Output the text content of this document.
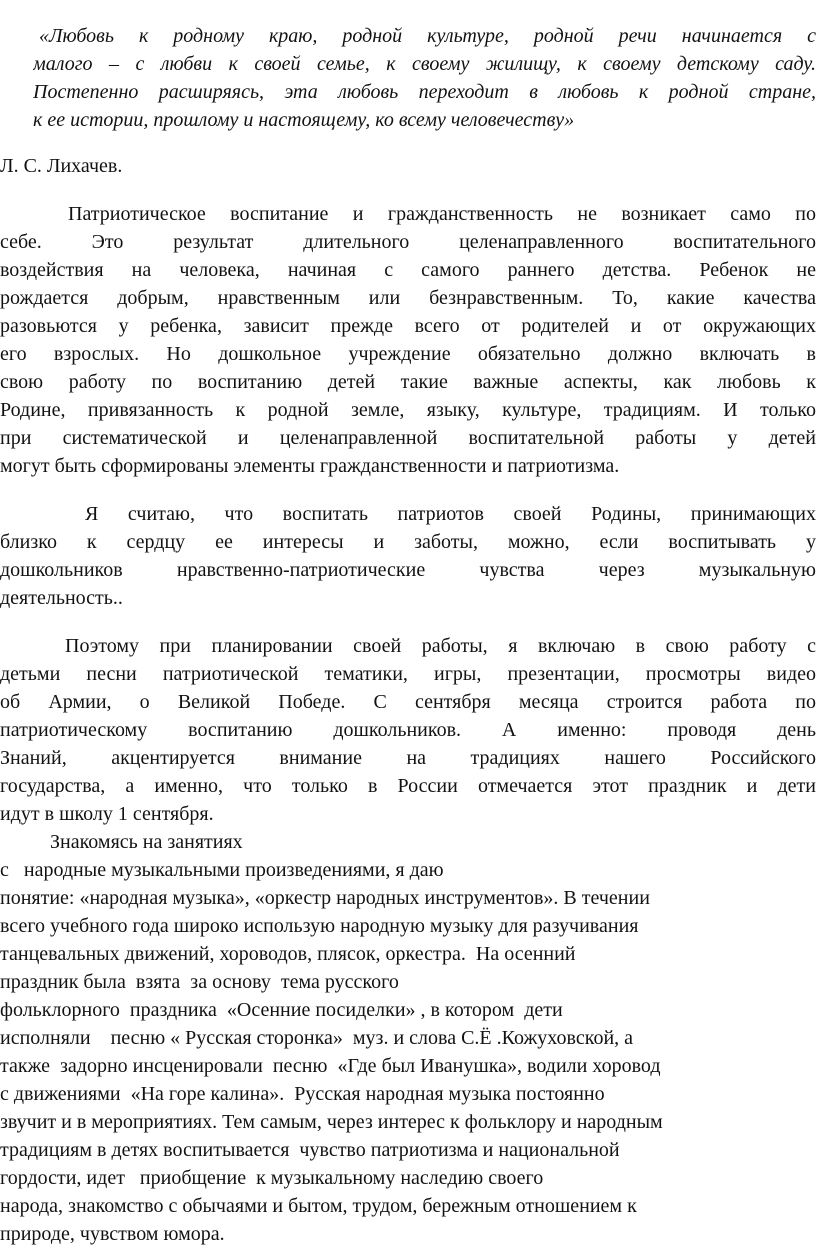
«Любовь к родному краю, родной культуре, родной речи начинается с
малого – с любви к своей семье, к своему жилищу, к своему детскому саду.
Постепенно расширяясь, эта любовь переходит в любовь к родной стране,
к ее истории, прошлому и настоящему, ко всему человечеству»
Л. С. Лихачев.
Патриотическое воспитание и гражданственность не возникает само по
себе. Это результат длительного целенаправленного воспитательного
воздействия на человека, начиная с самого раннего детства. Ребенок не
рождается добрым, нравственным или безнравственным. То, какие качества
разовьются у ребенка, зависит прежде всего от родителей и от окружающих
его взрослых. Но дошкольное учреждение обязательно должно включать в
свою работу по воспитанию детей такие важные аспекты, как любовь к
Родине, привязанность к родной земле, языку, культуре, традициям. И только
при систематической и целенаправленной воспитательной работы у детей
могут быть сформированы элементы гражданственности и патриотизма.
Я считаю, что воспитать патриотов своей Родины, принимающих
близко к сердцу ее интересы и заботы, можно, если воспитывать у
дошкольников нравственно-патриотические чувства через музыкальную
деятельность..
Поэтому при планировании своей работы, я включаю в свою работу с
детьми песни патриотической тематики, игры, презентации, просмотры видео
об Армии, о Великой Победе. С сентября месяца строится работа по
патриотическому воспитанию дошкольников. А именно: проводя день
Знаний, акцентируется внимание на традициях нашего Российского
государства, а именно, что только в России отмечается этот праздник и дети
идут в школу 1 сентября.
Знакомясь на занятиях
с   народные музыкальными произведениями, я даю
понятие: «народная музыка», «оркестр народных инструментов». В течении
всего учебного года широко использую народную музыку для разучивания
танцевальных движений, хороводов, плясок, оркестра.  На осенний
праздник была  взята  за основу  тема русского
фольклорного  праздника  «Осенние посиделки» , в котором  дети
исполняли    песню « Русская сторонка»  муз. и слова С.Ё .Кожуховской, а
также  задорно инсценировали  песню  «Где был Иванушка», водили хоровод
с движениями  «На горе калина».  Русская народная музыка постоянно
звучит и в мероприятиях. Тем самым, через интерес к фольклору и народным
традициям в детях воспитывается  чувство патриотизма и национальной
гордости, идет   приобщение  к музыкальному наследию своего
народа, знакомство с обычаями и бытом, трудом, бережным отношением к
природе, чувством юмора.
